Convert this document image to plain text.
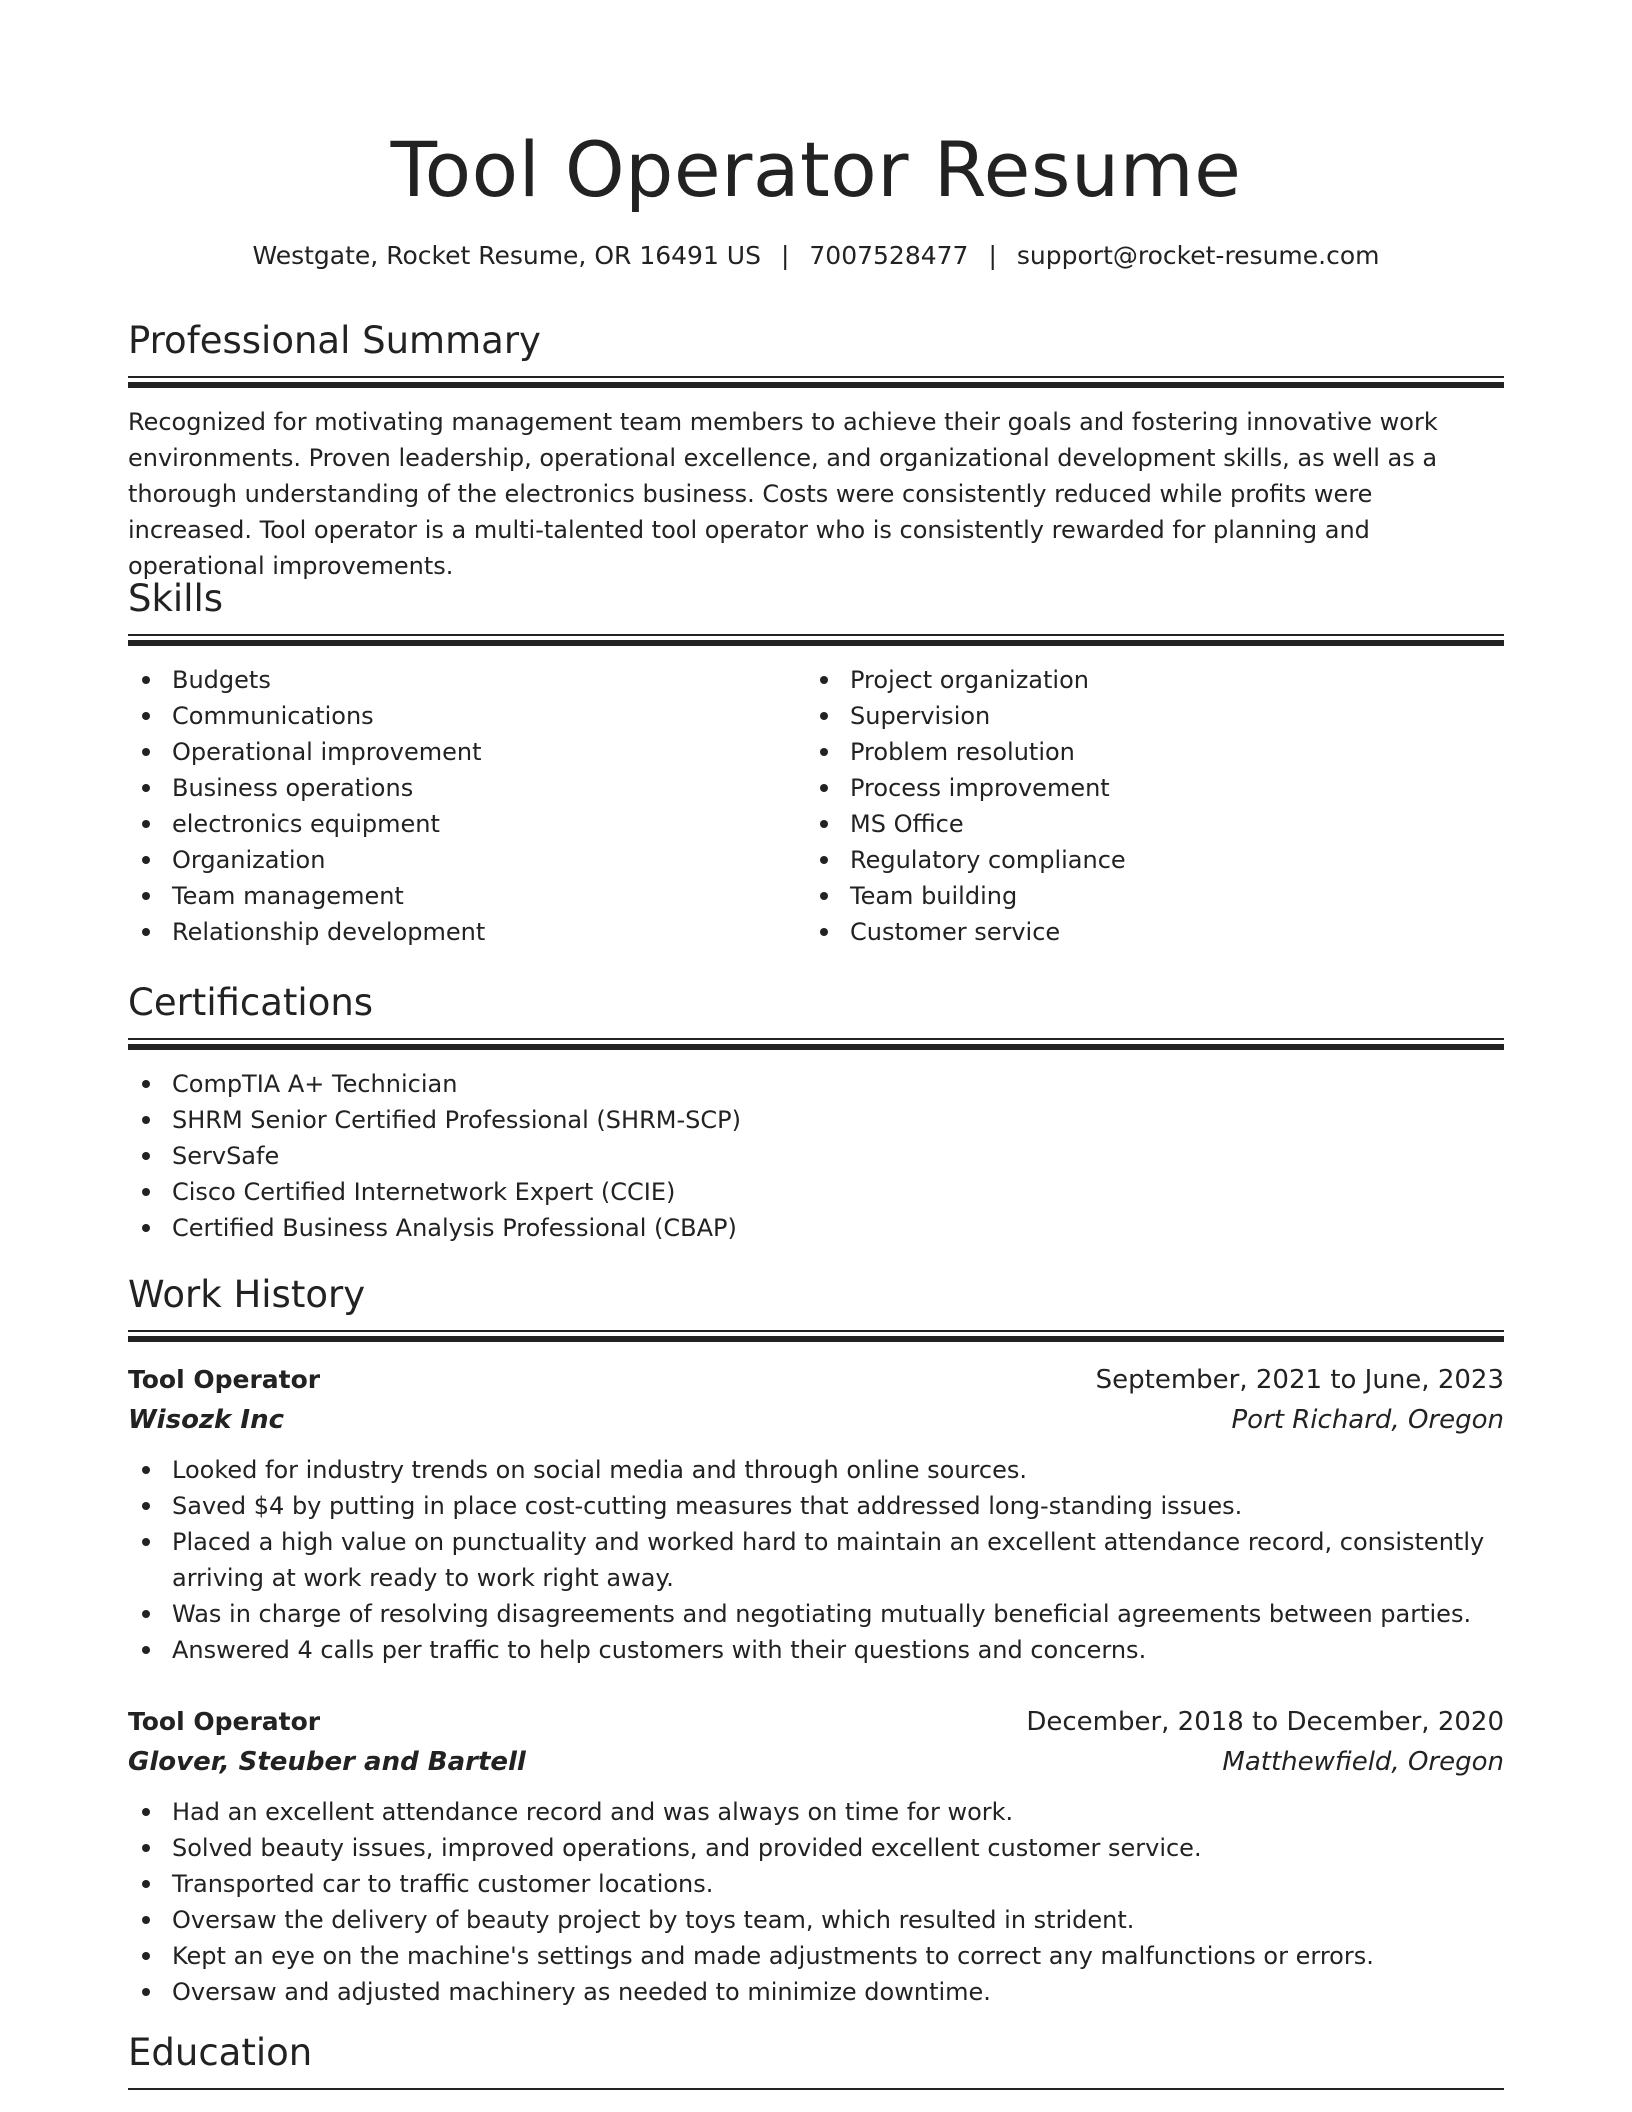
Tool Operator Resume
Westgate, Rocket Resume, OR 16491 US | 7007528477 | support@rocket-resume.com
Professional Summary
Recognized for motivating management team members to achieve their goals and fostering innovative work environments. Proven leadership, operational excellence, and organizational development skills, as well as a thorough understanding of the electronics business. Costs were consistently reduced while profits were increased. Tool operator is a multi-talented tool operator who is consistently rewarded for planning and operational improvements.
Skills
Budgets
Communications
Operational improvement
Business operations
electronics equipment
Organization
Team management
Relationship development
Project organization
Supervision
Problem resolution
Process improvement
MS Office
Regulatory compliance
Team building
Customer service
Certifications
CompTIA A+ Technician
SHRM Senior Certified Professional (SHRM-SCP)
ServSafe
Cisco Certified Internetwork Expert (CCIE)
Certified Business Analysis Professional (CBAP)
Work History
Tool Operator	September, 2021 to June, 2023
Wisozk Inc	Port Richard, Oregon
Looked for industry trends on social media and through online sources.
Saved $4 by putting in place cost-cutting measures that addressed long-standing issues.
Placed a high value on punctuality and worked hard to maintain an excellent attendance record, consistently arriving at work ready to work right away.
Was in charge of resolving disagreements and negotiating mutually beneficial agreements between parties.
Answered 4 calls per traffic to help customers with their questions and concerns.
Tool Operator	December, 2018 to December, 2020
Glover, Steuber and Bartell	Matthewfield, Oregon
Had an excellent attendance record and was always on time for work.
Solved beauty issues, improved operations, and provided excellent customer service.
Transported car to traffic customer locations.
Oversaw the delivery of beauty project by toys team, which resulted in strident.
Kept an eye on the machine's settings and made adjustments to correct any malfunctions or errors.
Oversaw and adjusted machinery as needed to minimize downtime.
Education
